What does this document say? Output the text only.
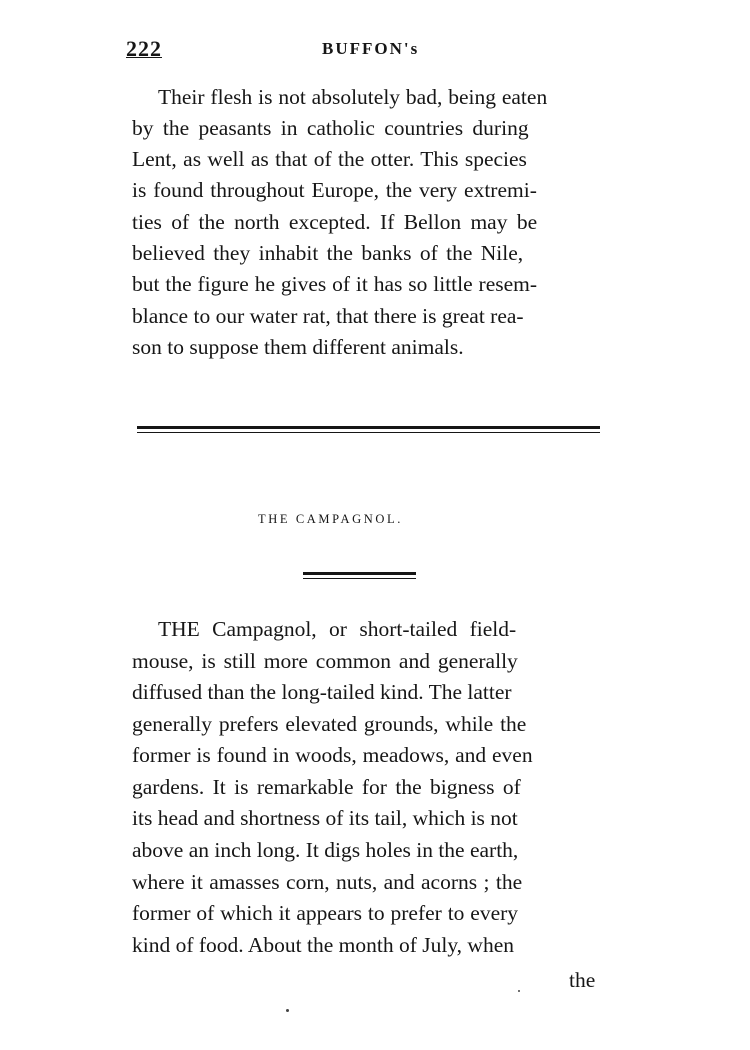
222	BUFFON's
Their flesh is not absolutely bad, being eaten
by the peasants in catholic countries during
Lent, as well as that of the otter. This species
is found throughout Europe, the very extremi-
ties of the north excepted. If Bellon may be
believed they inhabit the banks of the Nile,
but the figure he gives of it has so little resem-
blance to our water rat, that there is great rea-
son to suppose them different animals.
THE CAMPAGNOL.
THE Campagnol, or short-tailed field-
mouse, is still more common and generally
diffused than the long-tailed kind. The latter
generally prefers elevated grounds, while the
former is found in woods, meadows, and even
gardens. It is remarkable for the bigness of
its head and shortness of its tail, which is not
above an inch long. It digs holes in the earth,
where it amasses corn, nuts, and acorns ; the
former of which it appears to prefer to every
kind of food. About the month of July, when
the
